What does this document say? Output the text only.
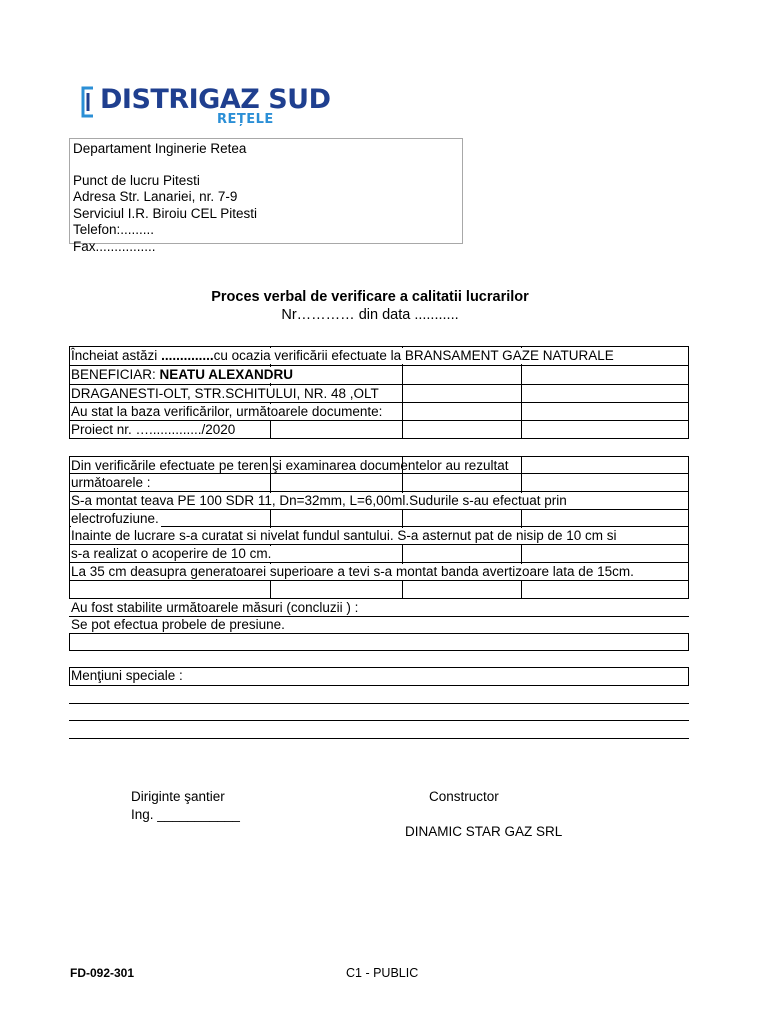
DISTRIGAZ SUD
REȚELE
Departament Inginerie Retea
Punct de lucru Pitesti
Adresa Str. Lanariei, nr. 7-9
Serviciul I.R. Biroiu CEL Pitesti
Telefon:.........
Fax................
Proces verbal de verificare a calitatii lucrarilor
Nr………… din data ...........
Încheiat astăzi ..............cu ocazia verificării efectuate la BRANSAMENT GAZE NATURALE
BENEFICIAR: NEATU ALEXANDRU
DRAGANESTI-OLT, STR.SCHITULUI, NR. 48 ,OLT
Au stat la baza verificărilor, următoarele documente:
Proiect nr. …............../2020
Din verificările efectuate pe teren şi examinarea documentelor au rezultat
urmǎtoarele :
S-a montat teava PE 100 SDR 11, Dn=32mm, L=6,00ml.Sudurile s-au efectuat prin
electrofuziune.
Inainte de lucrare s-a curatat si nivelat fundul santului. S-a asternut pat de nisip de 10 cm si
s-a realizat o acoperire de 10 cm.
La 35 cm deasupra generatoarei superioare a tevi s-a montat banda avertizoare lata de 15cm.
Au fost stabilite următoarele măsuri (concluzii ) :
Se pot efectua probele de presiune.
Menţiuni speciale :
Diriginte şantier
Ing. ___________
Constructor
DINAMIC STAR GAZ SRL
FD-092-301	C1 - PUBLIC
